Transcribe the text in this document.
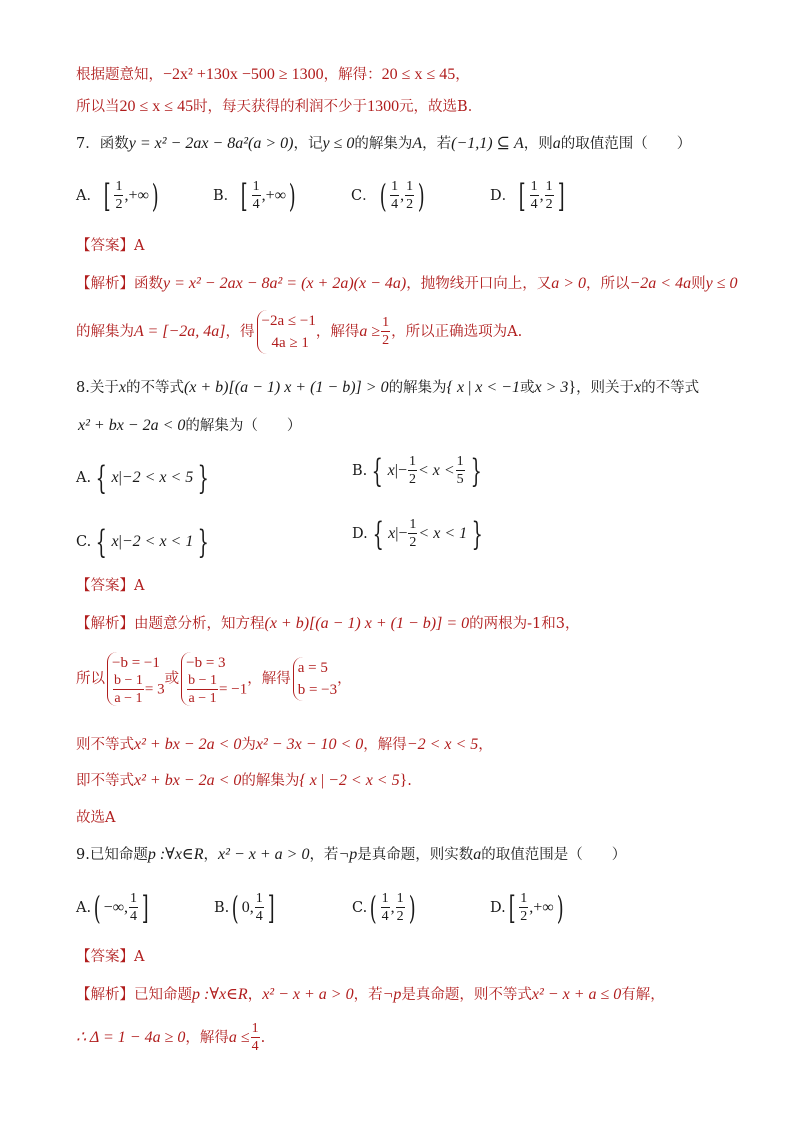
根据题意知，−2x² +130x −500 ≥ 1300，解得：20 ≤ x ≤ 45，
所以当20 ≤ x ≤ 45时，每天获得的利润不少于1300元，故选B．
7．函数y = x² − 2ax − 8a²(a > 0)，记y ≤ 0的解集为A，若(−1,1) ⊆ A，则a的取值范围（　　）
A．[ $\frac{1}{2}$ ,+∞)	B．[ $\frac{1}{4}$ ,+∞)	C．( $\frac{1}{4}$ , $\frac{1}{2}$ )	D．[ $\frac{1}{4}$ , $\frac{1}{2}$ ]
【答案】A
【解析】函数y = x² − 2ax − 8a² = (x + 2a)(x − 4a)，抛物线开口向上，又a > 0，所以−2a < 4a则y ≤ 0
的解集为A = [−2a, 4a]，得
−2a ≤ −1
4a ≥ 1
，解得$a \ge \frac{1}{2}$ ，所以正确选项为A.
8.关于x的不等式(x + b)[(a − 1) x + (1 − b)] > 0的解集为{ x | x < −1或x > 3}，则关于x的不等式
x² + bx − 2a < 0的解集为（　　）
A. { x|−2 < x < 5 }	B. { $x|- \frac{1}{2} < x < \frac{1}{5}$ }
C. { x|−2 < x < 1 }	D. { $x|- \frac{1}{2} < x < 1$ }
【答案】A
【解析】由题意分析，知方程(x + b)[(a − 1) x + (1 − b)] = 0的两根为-1和3，
所以
−b = −1
$\frac{b - 1}{a - 1} = 3$
或
−b = 3
$\frac{b - 1}{a - 1} = -1$
，解得
a = 5
b = −3
，
则不等式x² + bx − 2a < 0为x² − 3x − 10 < 0，解得−2 < x < 5，
即不等式x² + bx − 2a < 0的解集为{ x | −2 < x < 5}.
故选A
9.已知命题p :∀x∈R，x² − x + a > 0，若¬p是真命题，则实数a的取值范围是（　　）
A.( −∞, $\frac{1}{4}$ ]	B.( 0, $\frac{1}{4}$ ]	$C.( \frac{1}{4}$ , $\frac{1}{2}$ )	$D.[ \frac{1}{2}$ ,+∞)
【答案】A
【解析】已知命题p :∀x∈R，x² − x + a > 0，若¬p是真命题，则不等式x² − x + a ≤ 0有解，
∴ Δ = 1 − 4a ≥ 0，解得$a \le \frac{1}{4}$ .
